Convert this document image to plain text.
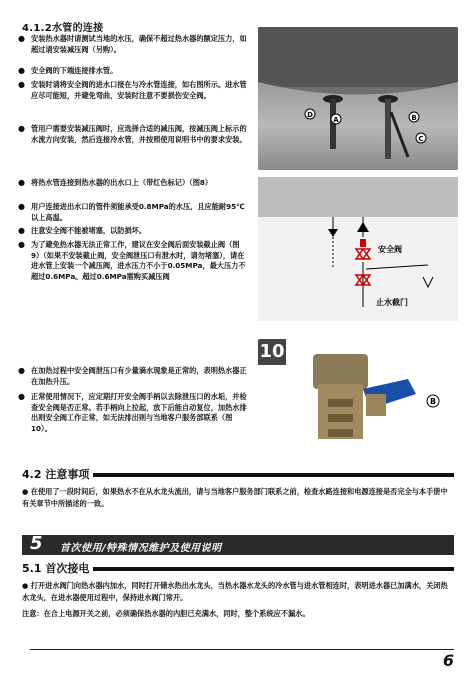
4.1.2水管的连接
● 安装热水器时请测试当地的水压，确保不超过热水器的额定压力，如超过请安装减压阀（另购）。
● 安全阀的下端连接排水管。
● 安装时请将安全阀的进水口接在与冷水管连接，如右图所示。进水管应尽可能短，并避免弯曲，安装时注意不要损伤安全阀。
● 管用户需要安装减压阀时，应选择合适的减压阀，按减压阀上标示的水流方向安装，然后连接冷水管，并按照使用说明书中的要求安装。
● 将热水管连接到热水器的出水口上（带红色标记）（图8）
● 用户连接进出水口的管件须能承受0.8MPa的水压，且应能耐95℃以上高温。
● 注意安全阀不能被堵塞，以防损坏。
● 为了避免热水器无法正常工作，建议在安全阀后面安装截止阀（图9）（如果不安装截止阀，安全阀泄压口有泄水时，请勿堵塞），请在进水管上安装一个减压阀，进水压力不小于0.05MPa，最大压力不超过0.6MPa。超过0.6MPa需购买减压阀
● 在加热过程中安全阀泄压口有少量滴水现象是正常的，表明热水器正在加热升压。
● 正常使用情况下，应定期打开安全阀手柄以去除泄压口的水垢，并检查安全阀是否正常。若手柄向上拉起，放下后能自动复位，加热水排出则安全阀工作正常，如无法排出则与当地客户服务部联系（图10）。
A
D	B
C
安全阀
止水截门
10
B
4.2 注意事项
● 在使用了一段时间后，如果热水不在从水龙头流出，请与当地客户服务部门联系之前，检查水路连接和电源连接是否完全与本手册中有关章节中所描述的一致。
5 首次使用/特殊情况维护及使用说明
5.1 首次接电
● 打开进水阀门向热水器内加水，同时打开储水热出水龙头，当热水器水龙头的冷水管与进水管相连时，表明进水器已加满水，关闭热水龙头，在进水器使用过程中，保持进水阀门常开。
注意：在合上电源开关之前，必须确保热水器的内胆已充满水，同时，整个系统应不漏水。
6
